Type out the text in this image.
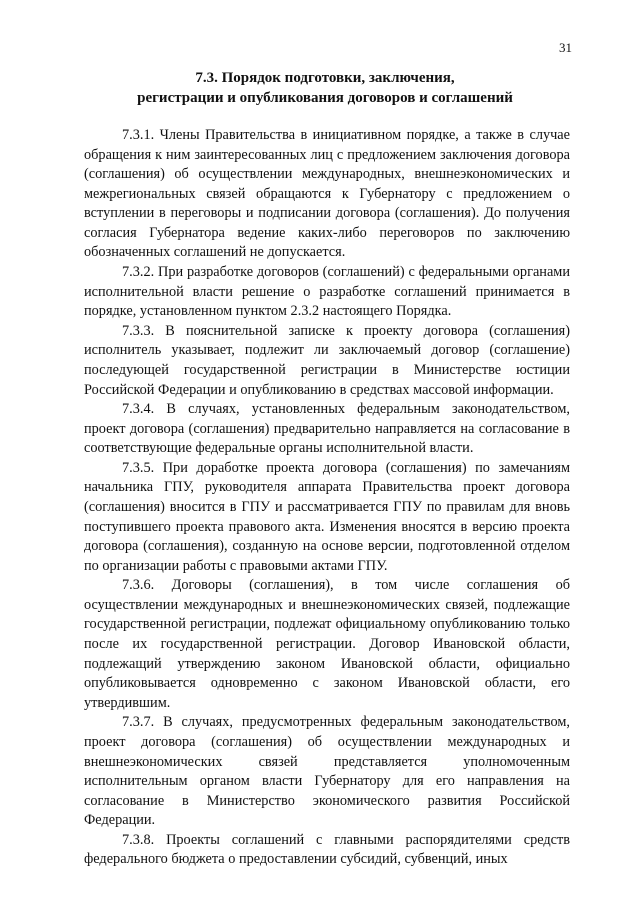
31
7.3. Порядок подготовки, заключения,
регистрации и опубликования договоров и соглашений

7.3.1. Члены Правительства в инициативном порядке, а также в случае обращения к ним заинтересованных лиц с предложением заключения договора (соглашения) об осуществлении международных, внешнеэкономических и межрегиональных связей обращаются к Губернатору с предложением о вступлении в переговоры и подписании договора (соглашения). До получения согласия Губернатора ведение каких-либо переговоров по заключению обозначенных соглашений не допускается.

7.3.2. При разработке договоров (соглашений) с федеральными органами исполнительной власти решение о разработке соглашений принимается в порядке, установленном пунктом 2.3.2 настоящего Порядка.

7.3.3. В пояснительной записке к проекту договора (соглашения) исполнитель указывает, подлежит ли заключаемый договор (соглашение) последующей государственной регистрации в Министерстве юстиции Российской Федерации и опубликованию в средствах массовой информации.

7.3.4. В случаях, установленных федеральным законодательством, проект договора (соглашения) предварительно направляется на согласование в соответствующие федеральные органы исполнительной власти.

7.3.5. При доработке проекта договора (соглашения) по замечаниям начальника ГПУ, руководителя аппарата Правительства проект договора (соглашения) вносится в ГПУ и рассматривается ГПУ по правилам для вновь поступившего проекта правового акта. Изменения вносятся в версию проекта договора (соглашения), созданную на основе версии, подготовленной отделом по организации работы с правовыми актами ГПУ.

7.3.6. Договоры (соглашения), в том числе соглашения об осуществлении международных и внешнеэкономических связей, подлежащие государственной регистрации, подлежат официальному опубликованию только после их государственной регистрации. Договор Ивановской области, подлежащий утверждению законом Ивановской области, официально опубликовывается одновременно с законом Ивановской области, его утвердившим.

7.3.7. В случаях, предусмотренных федеральным законодательством, проект договора (соглашения) об осуществлении международных и внешнеэкономических связей представляется уполномоченным исполнительным органом власти Губернатору для его направления на согласование в Министерство экономического развития Российской Федерации.

7.3.8. Проекты соглашений с главными распорядителями средств федерального бюджета о предоставлении субсидий, субвенций, иных
